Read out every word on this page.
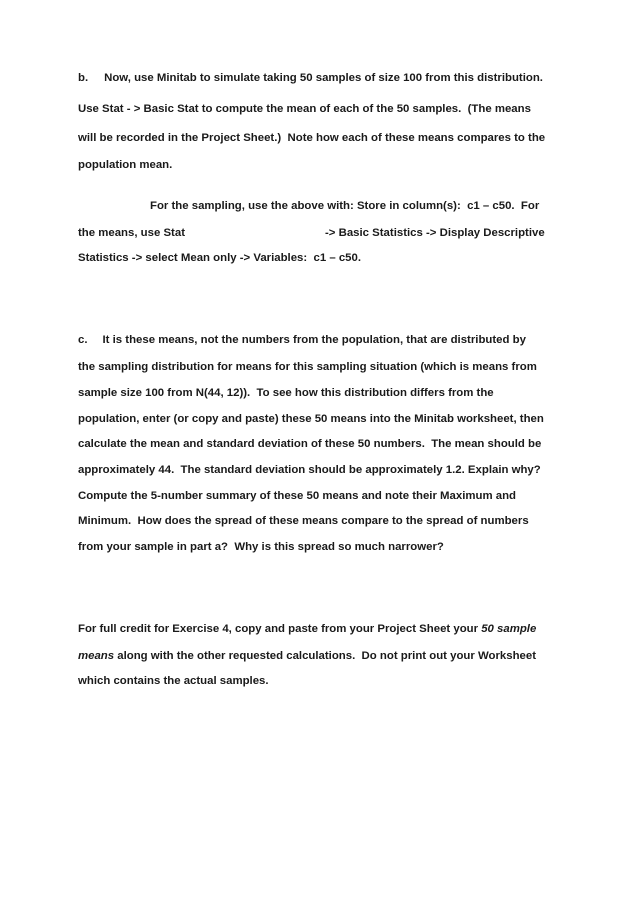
b. Now, use Minitab to simulate taking 50 samples of size 100 from this distribution.
Use Stat - > Basic Stat to compute the mean of each of the 50 samples.  (The means
will be recorded in the Project Sheet.)  Note how each of these means compares to the
population mean.
For the sampling, use the above with: Store in column(s):  c1 – c50.  For
the means, use Stat	-> Basic Statistics -> Display Descriptive
Statistics -> select Mean only -> Variables:  c1 – c50.
c. It is these means, not the numbers from the population, that are distributed by
the sampling distribution for means for this sampling situation (which is means from
sample size 100 from N(44, 12)).  To see how this distribution differs from the
population, enter (or copy and paste) these 50 means into the Minitab worksheet, then
calculate the mean and standard deviation of these 50 numbers.  The mean should be
approximately 44.  The standard deviation should be approximately 1.2. Explain why?
Compute the 5-number summary of these 50 means and note their Maximum and
Minimum.  How does the spread of these means compare to the spread of numbers
from your sample in part a?  Why is this spread so much narrower?
For full credit for Exercise 4, copy and paste from your Project Sheet your 50 sample
means along with the other requested calculations.  Do not print out your Worksheet
which contains the actual samples.
